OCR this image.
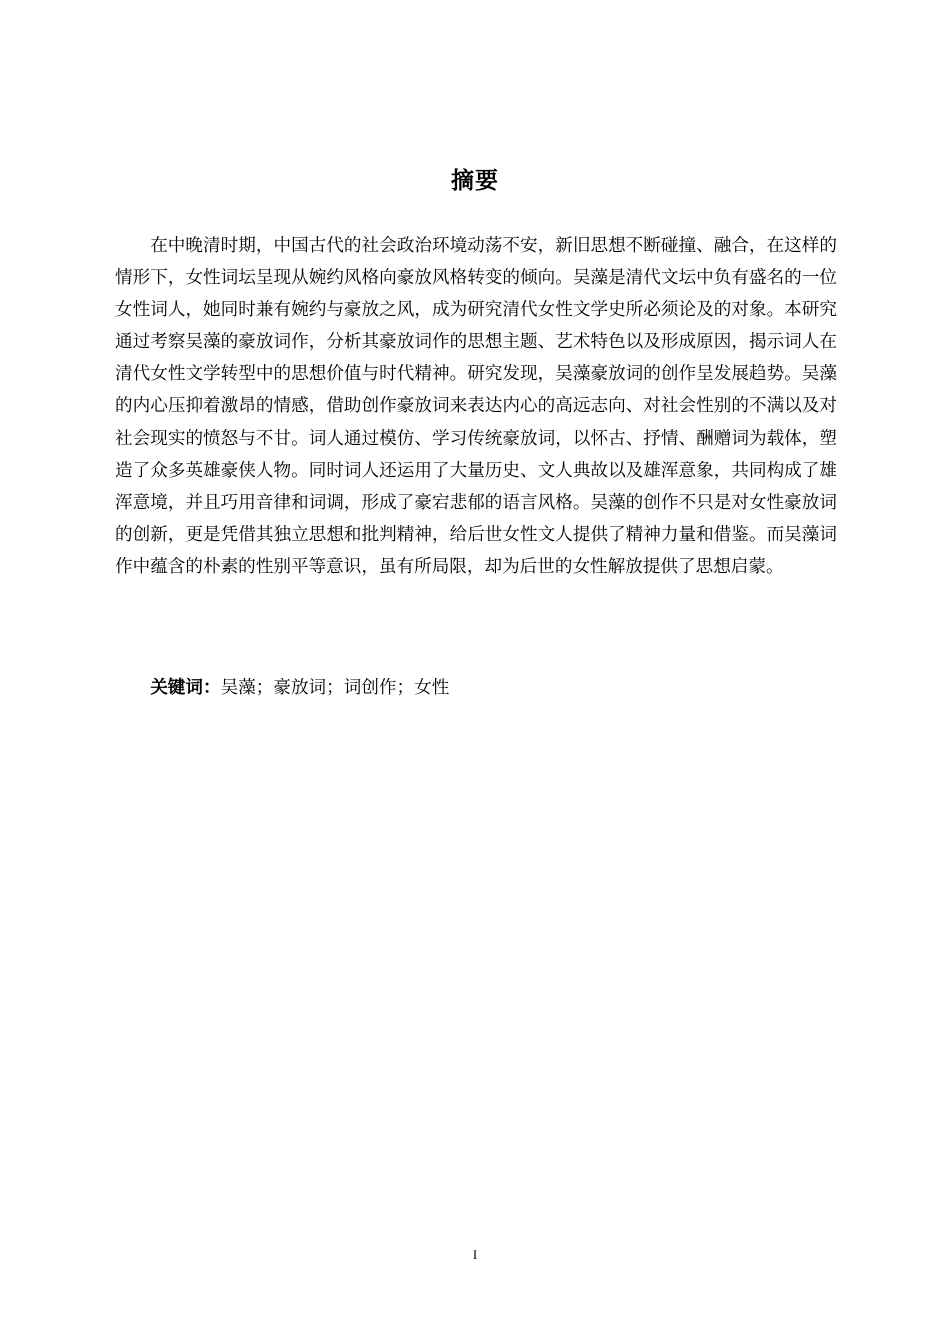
摘要

在中晚清时期，中国古代的社会政治环境动荡不安，新旧思想不断碰撞、融合，在这样的情形下，女性词坛呈现从婉约风格向豪放风格转变的倾向。吴藻是清代文坛中负有盛名的一位女性词人，她同时兼有婉约与豪放之风，成为研究清代女性文学史所必须论及的对象。本研究通过考察吴藻的豪放词作，分析其豪放词作的思想主题、艺术特色以及形成原因，揭示词人在清代女性文学转型中的思想价值与时代精神。研究发现，吴藻豪放词的创作呈发展趋势。吴藻的内心压抑着激昂的情感，借助创作豪放词来表达内心的高远志向、对社会性别的不满以及对社会现实的愤怒与不甘。词人通过模仿、学习传统豪放词，以怀古、抒情、酬赠词为载体，塑造了众多英雄豪侠人物。同时词人还运用了大量历史、文人典故以及雄浑意象，共同构成了雄浑意境，并且巧用音律和词调，形成了豪宕悲郁的语言风格。吴藻的创作不只是对女性豪放词的创新，更是凭借其独立思想和批判精神，给后世女性文人提供了精神力量和借鉴。而吴藻词作中蕴含的朴素的性别平等意识，虽有所局限，却为后世的女性解放提供了思想启蒙。

关键词：吴藻；豪放词；词创作；女性

I
